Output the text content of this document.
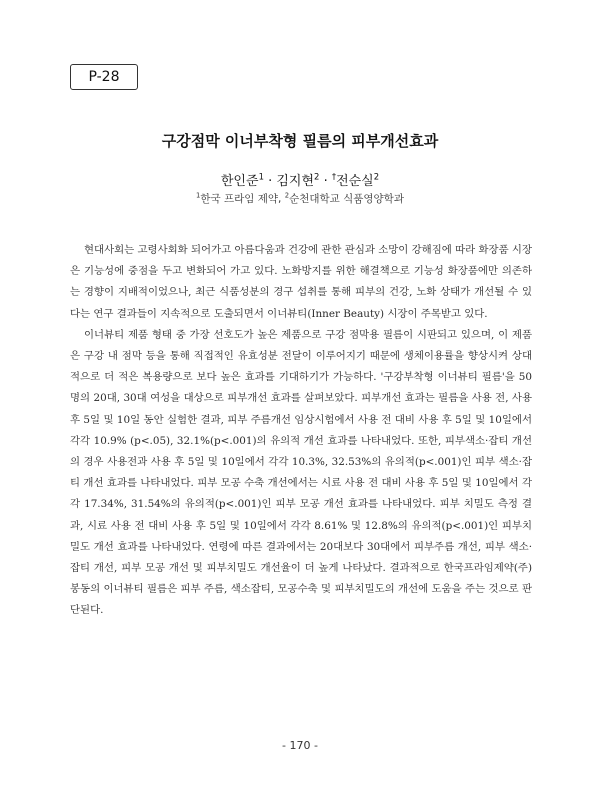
P-28
구강점막 이너부착형 필름의 피부개선효과
한인준$^1$ · 김지현$^2$ · †전순실$^2$
$^1$한국 프라임 제약, $^2$순천대학교 식품영양학과

현대사회는 고령사회화 되어가고 아름다움과 건강에 관한 관심과 소망이 강해짐에 따라 화장품 시장은 기능성에 중점을 두고 변화되어 가고 있다. 노화방지를 위한 해결책으로 기능성 화장품에만 의존하는 경향이 지배적이었으나, 최근 식품성분의 경구 섭취를 통해 피부의 건강, 노화 상태가 개선될 수 있다는 연구 결과들이 지속적으로 도출되면서 이너뷰티(Inner Beauty) 시장이 주목받고 있다.

이너뷰티 제품 형태 중 가장 선호도가 높은 제품으로 구강 점막용 필름이 시판되고 있으며, 이 제품은 구강 내 점막 등을 통해 직접적인 유효성분 전달이 이루어지기 때문에 생체이용률을 향상시켜 상대적으로 더 적은 복용량으로 보다 높은 효과를 기대하기가 가능하다. '구강부착형 이너뷰티 필름'을 50명의 20대, 30대 여성을 대상으로 피부개선 효과를 살펴보았다. 피부개선 효과는 필름을 사용 전, 사용 후 5일 및 10일 동안 실험한 결과, 피부 주름개선 임상시험에서 사용 전 대비 사용 후 5일 및 10일에서 각각 10.9% (p<.05), 32.1%(p<.001)의 유의적 개선 효과를 나타내었다. 또한, 피부색소·잡티 개선의 경우 사용전과 사용 후 5일 및 10일에서 각각 10.3%, 32.53%의 유의적(p<.001)인 피부 색소·잡티 개선 효과를 나타내었다. 피부 모공 수축 개선에서는 시료 사용 전 대비 사용 후 5일 및 10일에서 각각 17.34%, 31.54%의 유의적(p<.001)인 피부 모공 개선 효과를 나타내었다. 피부 치밀도 측정 결과, 시료 사용 전 대비 사용 후 5일 및 10일에서 각각 8.61% 및 12.8%의 유의적(p<.001)인 피부치밀도 개선 효과를 나타내었다. 연령에 따른 결과에서는 20대보다 30대에서 피부주름 개선, 피부 색소·잡티 개선, 피부 모공 개선 및 피부치밀도 개선율이 더 높게 나타났다. 결과적으로 한국프라임제약(주)봉동의 이너뷰티 필름은 피부 주름, 색소잡티, 모공수축 및 피부치밀도의 개선에 도움을 주는 것으로 판단된다.

- 170 -
